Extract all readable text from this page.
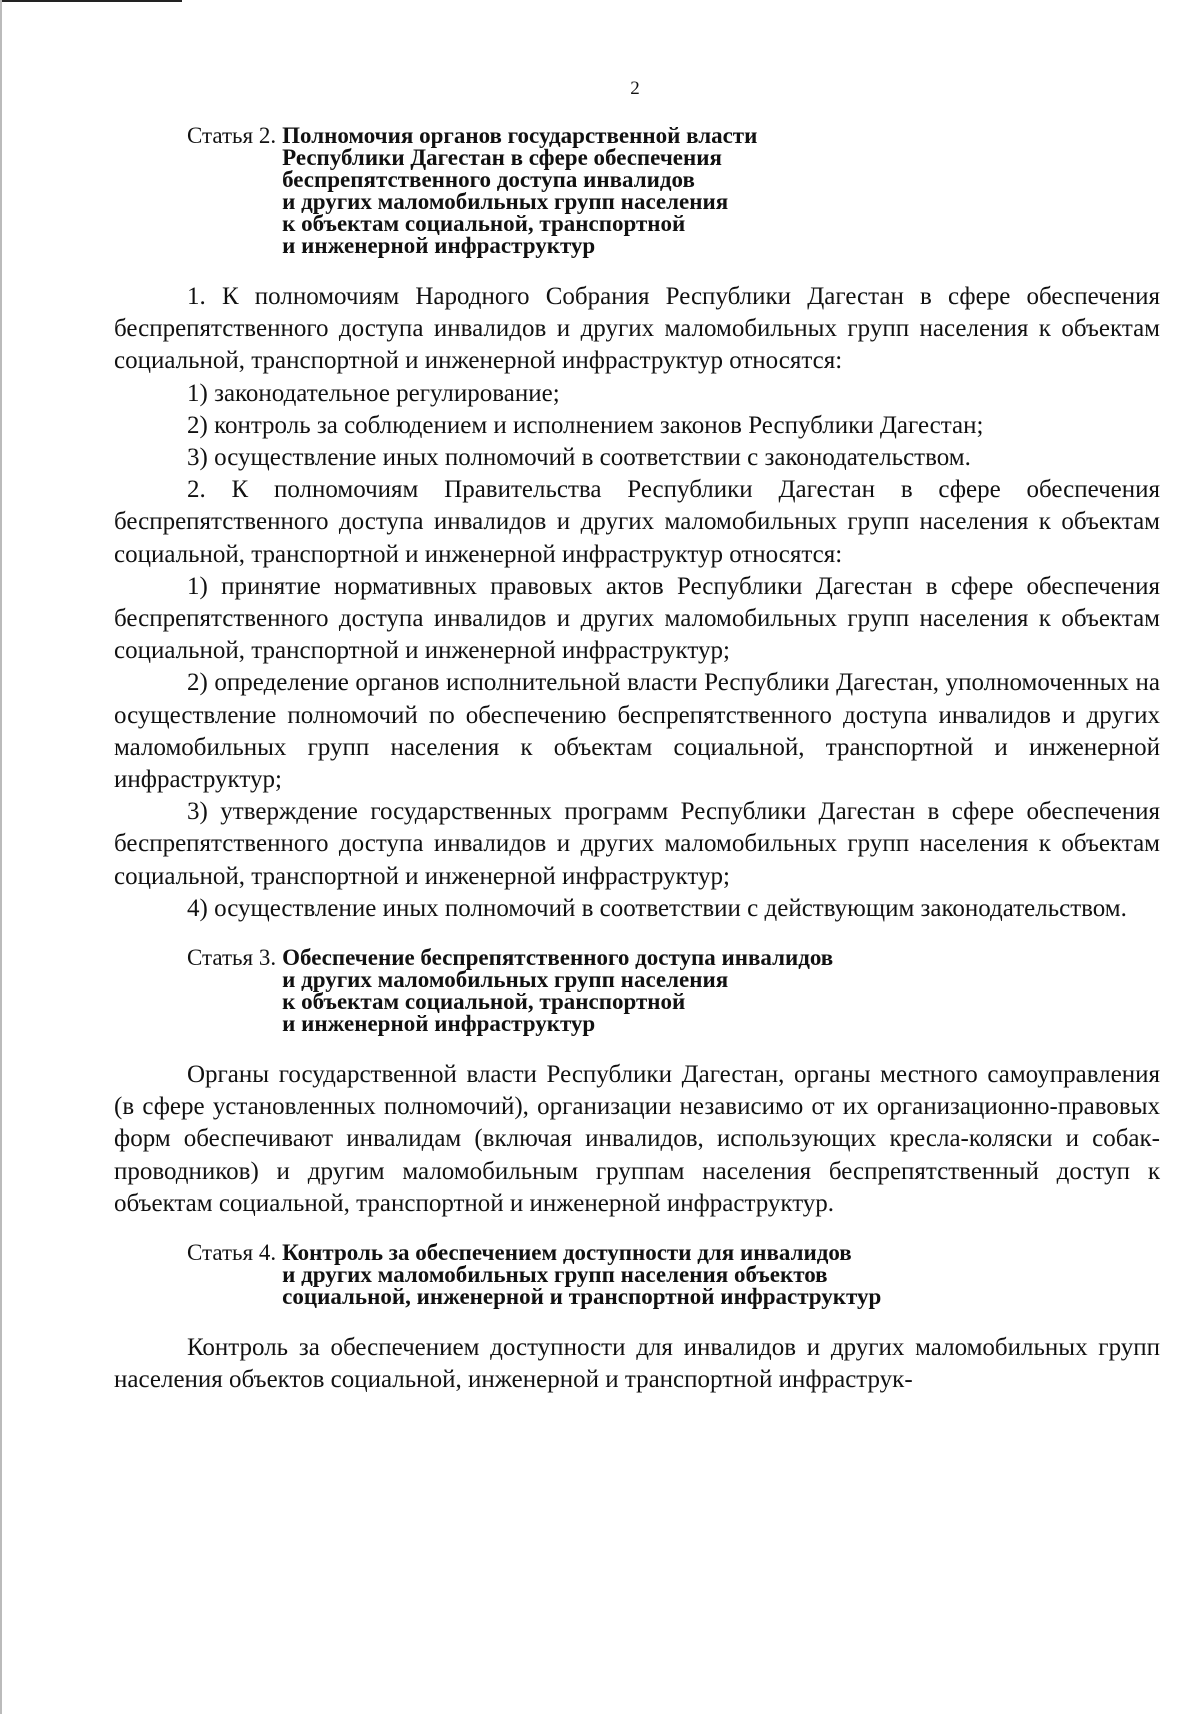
2
Статья 2. Полномочия органов государственной власти
Республики Дагестан в сфере обеспечения
беспрепятственного доступа инвалидов
и других маломобильных групп населения
к объектам социальной, транспортной
и инженерной инфраструктур

1. К полномочиям Народного Собрания Республики Дагестан в сфере обеспечения беспрепятственного доступа инвалидов и других маломобильных групп населения к объектам социальной, транспортной и инженерной инфраструктур относятся:

1) законодательное регулирование;

2) контроль за соблюдением и исполнением законов Республики Дагестан;

3) осуществление иных полномочий в соответствии с законодательством.

2. К полномочиям Правительства Республики Дагестан в сфере обеспечения беспрепятственного доступа инвалидов и других маломобильных групп населения к объектам социальной, транспортной и инженерной инфраструктур относятся:

1) принятие нормативных правовых актов Республики Дагестан в сфере обеспечения беспрепятственного доступа инвалидов и других маломобильных групп населения к объектам социальной, транспортной и инженерной инфраструктур;

2) определение органов исполнительной власти Республики Дагестан, уполномоченных на осуществление полномочий по обеспечению беспрепятственного доступа инвалидов и других маломобильных групп населения к объектам социальной, транспортной и инженерной инфраструктур;

3) утверждение государственных программ Республики Дагестан в сфере обеспечения беспрепятственного доступа инвалидов и других маломобильных групп населения к объектам социальной, транспортной и инженерной инфраструктур;

4) осуществление иных полномочий в соответствии с действующим законодательством.

Статья 3. Обеспечение беспрепятственного доступа инвалидов
и других маломобильных групп населения
к объектам социальной, транспортной
и инженерной инфраструктур

Органы государственной власти Республики Дагестан, органы местного самоуправления (в сфере установленных полномочий), организации независимо от их организационно-правовых форм обеспечивают инвалидам (включая инвалидов, использующих кресла-коляски и собак-проводников) и другим маломобильным группам населения беспрепятственный доступ к объектам социальной, транспортной и инженерной инфраструктур.

Статья 4. Контроль за обеспечением доступности для инвалидов
и других маломобильных групп населения объектов
социальной, инженерной и транспортной инфраструктур

Контроль за обеспечением доступности для инвалидов и других маломобильных групп населения объектов социальной, инженерной и транспортной инфраструк-
